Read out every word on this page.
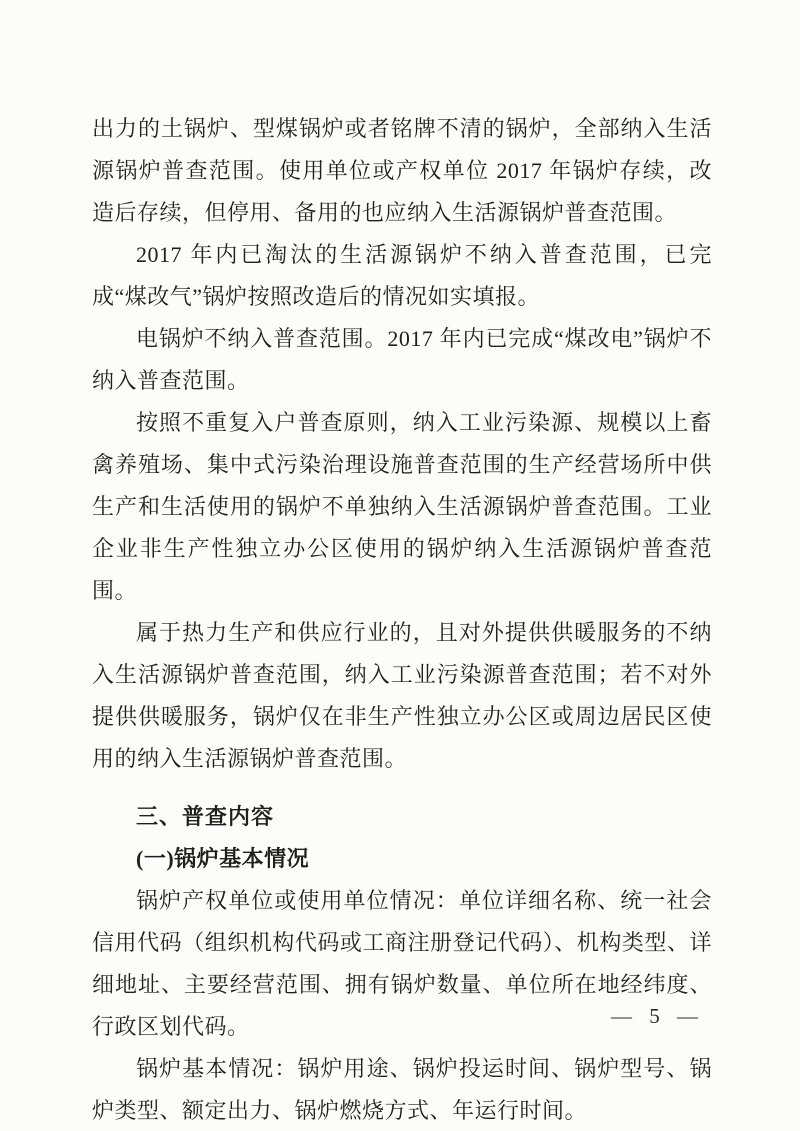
出力的土锅炉、型煤锅炉或者铭牌不清的锅炉，全部纳入生活源锅炉普查范围。使用单位或产权单位 2017 年锅炉存续，改造后存续，但停用、备用的也应纳入生活源锅炉普查范围。

2017 年内已淘汰的生活源锅炉不纳入普查范围，已完成“煤改气”锅炉按照改造后的情况如实填报。

电锅炉不纳入普查范围。2017 年内已完成“煤改电”锅炉不纳入普查范围。

按照不重复入户普查原则，纳入工业污染源、规模以上畜禽养殖场、集中式污染治理设施普查范围的生产经营场所中供生产和生活使用的锅炉不单独纳入生活源锅炉普查范围。工业企业非生产性独立办公区使用的锅炉纳入生活源锅炉普查范围。

属于热力生产和供应行业的，且对外提供供暖服务的不纳入生活源锅炉普查范围，纳入工业污染源普查范围；若不对外提供供暖服务，锅炉仅在非生产性独立办公区或周边居民区使用的纳入生活源锅炉普查范围。

三、普查内容
(一)锅炉基本情况

锅炉产权单位或使用单位情况：单位详细名称、统一社会信用代码（组织机构代码或工商注册登记代码）、机构类型、详细地址、主要经营范围、拥有锅炉数量、单位所在地经纬度、行政区划代码。

锅炉基本情况：锅炉用途、锅炉投运时间、锅炉型号、锅炉类型、额定出力、锅炉燃烧方式、年运行时间。

— 5 —
